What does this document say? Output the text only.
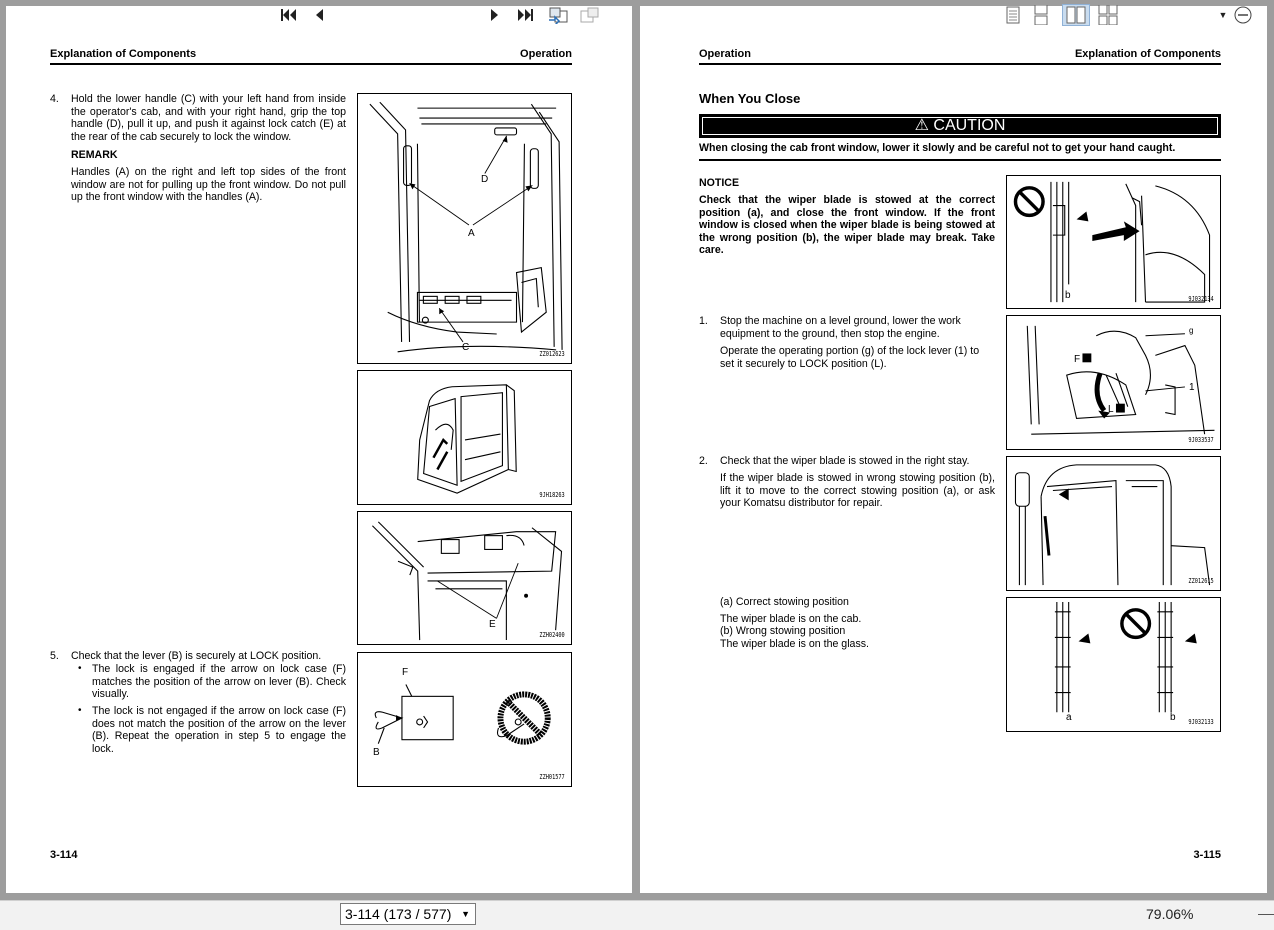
Explanation of Components	Operation
4. Hold the lower handle (C) with your left hand from inside the operator's cab, and with your right hand, grip the top handle (D), pull it up, and push it against lock catch (E) at the rear of the cab securely to lock the window.
REMARK
Handles (A) on the right and left top sides of the front window are not for pulling up the front window. Do not pull up the front window with the handles (A).
5. Check that the lever (B) is securely at LOCK position.
• The lock is engaged if the arrow on lock case (F) matches the position of the arrow on lever (B). Check visually.
• The lock is not engaged if the arrow on lock case (F) does not match the position of the arrow on the lever (B). Repeat the operation in step 5 to engage the lock.
D
A
C
ZZ012623
9JH18263
E
ZZH02400
F
B
ZZH01577
3-114
Operation	Explanation of Components
When You Close
⚠ CAUTION
When closing the cab front window, lower it slowly and be careful not to get your hand caught.
NOTICE
Check that the wiper blade is stowed at the correct position (a), and close the front window. If the front window is closed when the wiper blade is being stowed at the wrong position (b), the wiper blade may break. Take care.
1. Stop the machine on a level ground, lower the work equipment to the ground, then stop the engine.
Operate the operating portion (g) of the lock lever (1) to set it securely to LOCK position (L).
2. Check that the wiper blade is stowed in the right stay.
If the wiper blade is stowed in wrong stowing position (b), lift it to move to the correct stowing position (a), or ask your Komatsu distributor for repair.
(a) Correct stowing position
The wiper blade is on the cab.
(b) Wrong stowing position
The wiper blade is on the glass.
b	9J032134
F
L
g
1
9J033537
ZZ012615
a	b 9J032133
3-115
3-114 (173 / 577) ▼	79.06%
▼
